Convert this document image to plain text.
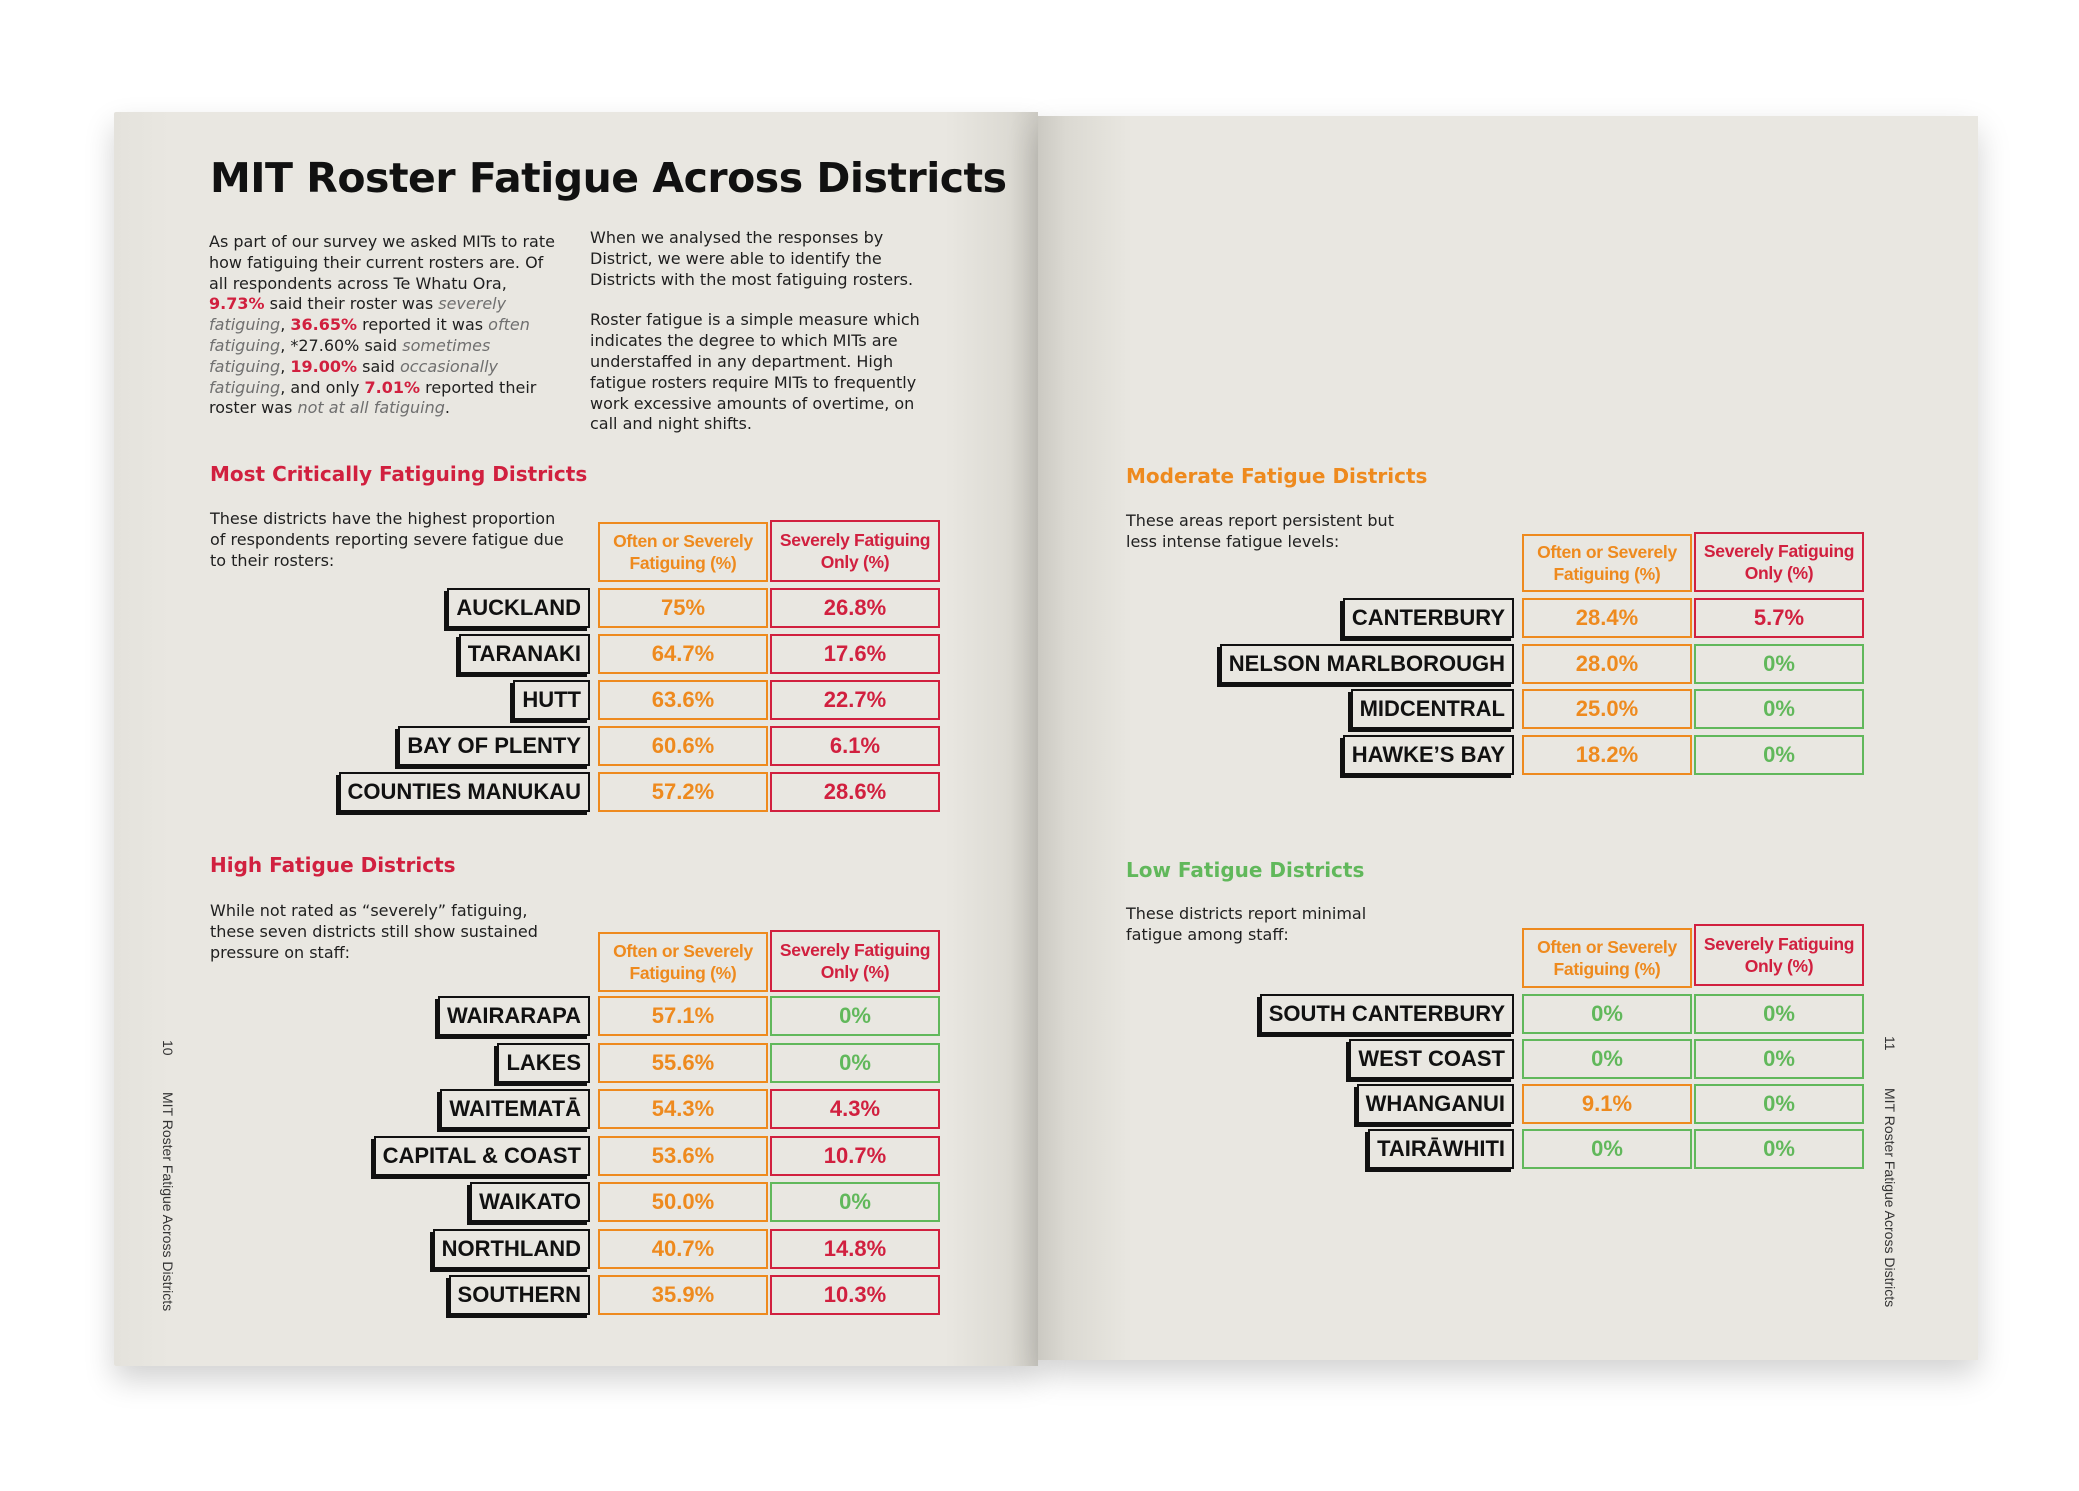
MIT Roster Fatigue Across Districts
As part of our survey we asked MITs to rate how fatiguing their current rosters are. Of all respondents across Te Whatu Ora, 9.73% said their roster was severely fatiguing, 36.65% reported it was often fatiguing, *27.60% said sometimes fatiguing, 19.00% said occasionally fatiguing, and only 7.01% reported their roster was not at all fatiguing.
When we analysed the responses by District, we were able to identify the Districts with the most fatiguing rosters.
Roster fatigue is a simple measure which indicates the degree to which MITs are understaffed in any department. High fatigue rosters require MITs to frequently work excessive amounts of overtime, on call and night shifts.
Most Critically Fatiguing Districts
These districts have the highest proportion of respondents reporting severe fatigue due to their rosters:
Often or Severely Fatiguing (%)
Severely Fatiguing Only (%)
AUCKLAND	75%	26.8%
TARANAKI	64.7%	17.6%
HUTT	63.6%	22.7%
BAY OF PLENTY	60.6%	6.1%
COUNTIES MANUKAU	57.2%	28.6%
High Fatigue Districts
While not rated as “severely” fatiguing, these seven districts still show sustained pressure on staff:	Often or Severely Fatiguing (%)
Severely Fatiguing Only (%)
WAIRARAPA	57.1%	0%
LAKES	55.6%	0%
WAITEMATĀ	54.3%	4.3%
CAPITAL & COAST	53.6%	10.7%
WAIKATO	50.0%	0%
NORTHLAND	40.7%	14.8%
SOUTHERN	35.9%	10.3%
10
MIT Roster Fatigue Across Districts
Moderate Fatigue Districts
These areas report persistent but less intense fatigue levels:
Often or Severely Fatiguing (%)
Severely Fatiguing Only (%)
CANTERBURY	28.4%	5.7%
NELSON MARLBOROUGH	28.0%	0%
MIDCENTRAL	25.0%	0%
HAWKE’S BAY	18.2%	0%
Low Fatigue Districts
These districts report minimal fatigue among staff:
Often or Severely Fatiguing (%)
Severely Fatiguing Only (%)
SOUTH CANTERBURY	0%	0%
WEST COAST	0%	0%
WHANGANUI	9.1%	0%
TAIRĀWHITI	0%	0%
11
MIT Roster Fatigue Across Districts
